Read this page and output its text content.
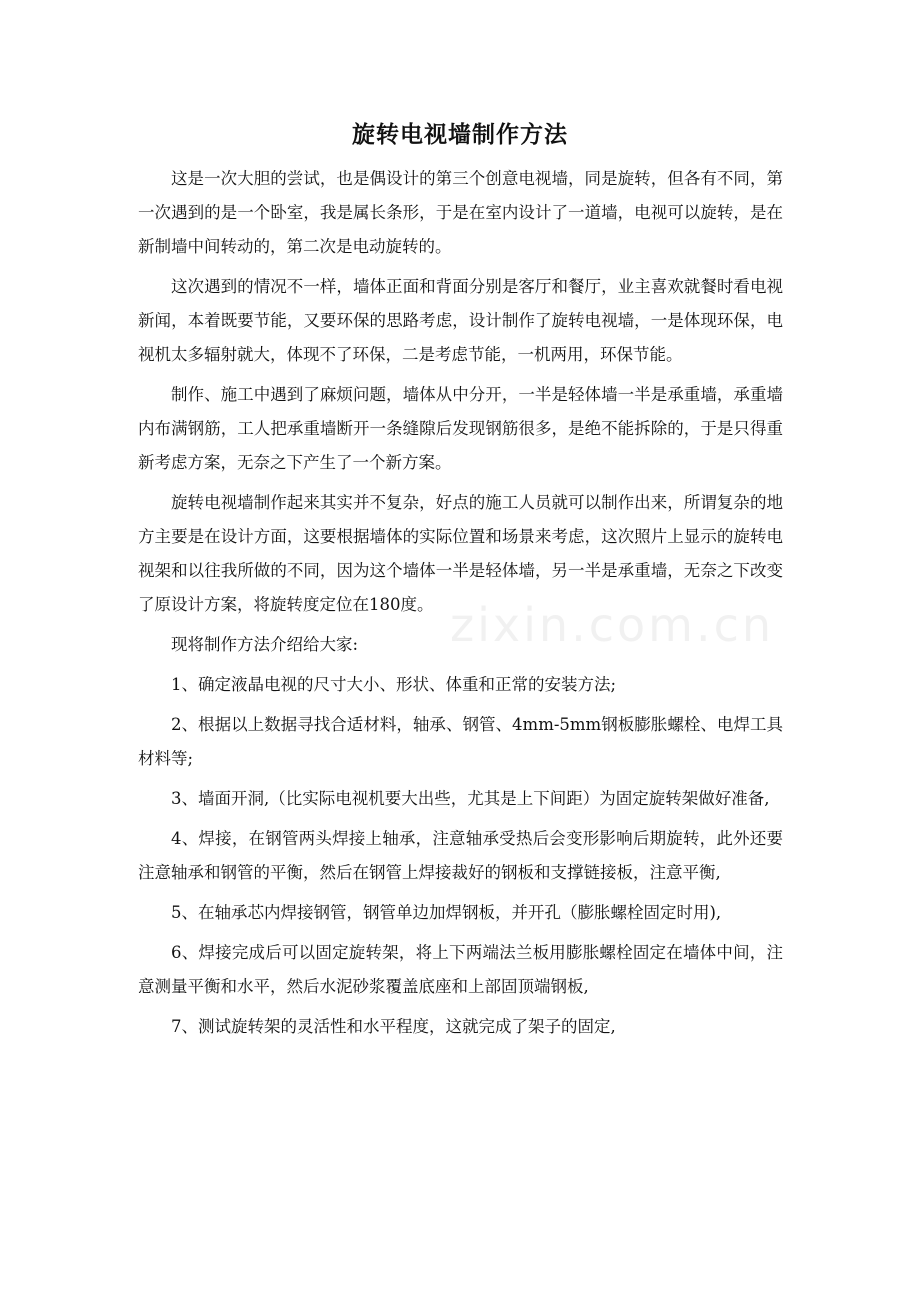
旋转电视墙制作方法

这是一次大胆的尝试，也是偶设计的第三个创意电视墙，同是旋转，但各有不同，第一次遇到的是一个卧室，我是属长条形，于是在室内设计了一道墙，电视可以旋转，是在新制墙中间转动的，第二次是电动旋转的。

这次遇到的情况不一样，墙体正面和背面分别是客厅和餐厅，业主喜欢就餐时看电视新闻，本着既要节能，又要环保的思路考虑，设计制作了旋转电视墙，一是体现环保，电视机太多辐射就大，体现不了环保，二是考虑节能，一机两用，环保节能。

制作、施工中遇到了麻烦问题，墙体从中分开，一半是轻体墙一半是承重墙，承重墙内布满钢筋，工人把承重墙断开一条缝隙后发现钢筋很多，是绝不能拆除的，于是只得重新考虑方案，无奈之下产生了一个新方案。

旋转电视墙制作起来其实并不复杂，好点的施工人员就可以制作出来，所谓复杂的地方主要是在设计方面，这要根据墙体的实际位置和场景来考虑，这次照片上显示的旋转电视架和以往我所做的不同，因为这个墙体一半是轻体墙，另一半是承重墙，无奈之下改变了原设计方案，将旋转度定位在180度。

现将制作方法介绍给大家:

1、确定液晶电视的尺寸大小、形状、体重和正常的安装方法;

2、根据以上数据寻找合适材料，轴承、钢管、4mm-5mm钢板膨胀螺栓、电焊工具材料等;

3、墙面开洞,（比实际电视机要大出些，尤其是上下间距）为固定旋转架做好准备,

4、焊接，在钢管两头焊接上轴承，注意轴承受热后会变形影响后期旋转，此外还要注意轴承和钢管的平衡，然后在钢管上焊接裁好的钢板和支撑链接板，注意平衡,

5、在轴承芯内焊接钢管，钢管单边加焊钢板，并开孔（膨胀螺栓固定时用),

6、焊接完成后可以固定旋转架，将上下两端法兰板用膨胀螺栓固定在墙体中间，注意测量平衡和水平，然后水泥砂浆覆盖底座和上部固顶端钢板,

7、测试旋转架的灵活性和水平程度，这就完成了架子的固定,

zixin.com.cn
